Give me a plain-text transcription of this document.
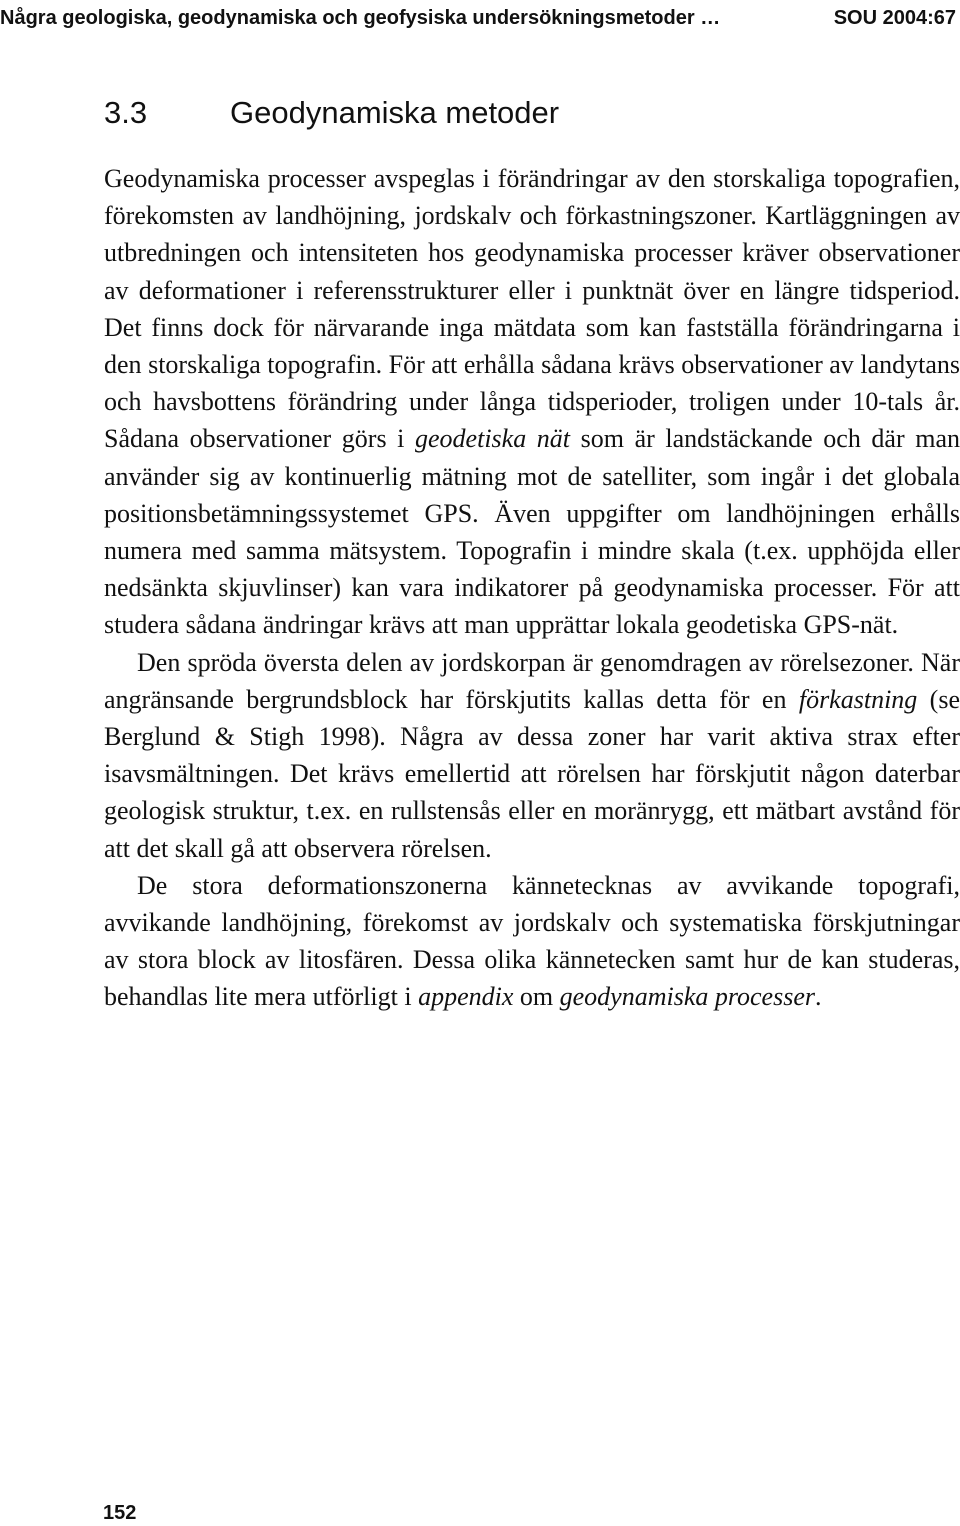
Några geologiska, geodynamiska och geofysiska undersökningsmetoder …	SOU 2004:67
3.3	Geodynamiska metoder

Geodynamiska processer avspeglas i förändringar av den storskaliga topografien, förekomsten av landhöjning, jordskalv och förkastningszoner. Kartläggningen av utbredningen och intensiteten hos geodynamiska processer kräver observationer av deformationer i referensstrukturer eller i punktnät över en längre tidsperiod. Det finns dock för närvarande inga mätdata som kan fastställa förändringarna i den storskaliga topografin. För att erhålla sådana krävs observationer av landytans och havsbottens förändring under långa tidsperioder, troligen under 10-tals år. Sådana observationer görs i geodetiska nät som är landstäckande och där man använder sig av kontinuerlig mätning mot de satelliter, som ingår i det globala positionsbetämningssystemet GPS. Även uppgifter om landhöjningen erhålls numera med samma mätsystem. Topografin i mindre skala (t.ex. upphöjda eller nedsänkta skjuvlinser) kan vara indikatorer på geodynamiska processer. För att studera sådana ändringar krävs att man upprättar lokala geodetiska GPS-nät.

Den spröda översta delen av jordskorpan är genomdragen av rörelsezoner. När angränsande bergrundsblock har förskjutits kallas detta för en förkastning (se Berglund & Stigh 1998). Några av dessa zoner har varit aktiva strax efter isavsmältningen. Det krävs emellertid att rörelsen har förskjutit någon daterbar geologisk struktur, t.ex. en rullstensås eller en moränrygg, ett mätbart avstånd för att det skall gå att observera rörelsen.

De stora deformationszonerna kännetecknas av avvikande topografi, avvikande landhöjning, förekomst av jordskalv och systematiska förskjutningar av stora block av litosfären. Dessa olika kännetecken samt hur de kan studeras, behandlas lite mera utförligt i appendix om geodynamiska processer.

152
